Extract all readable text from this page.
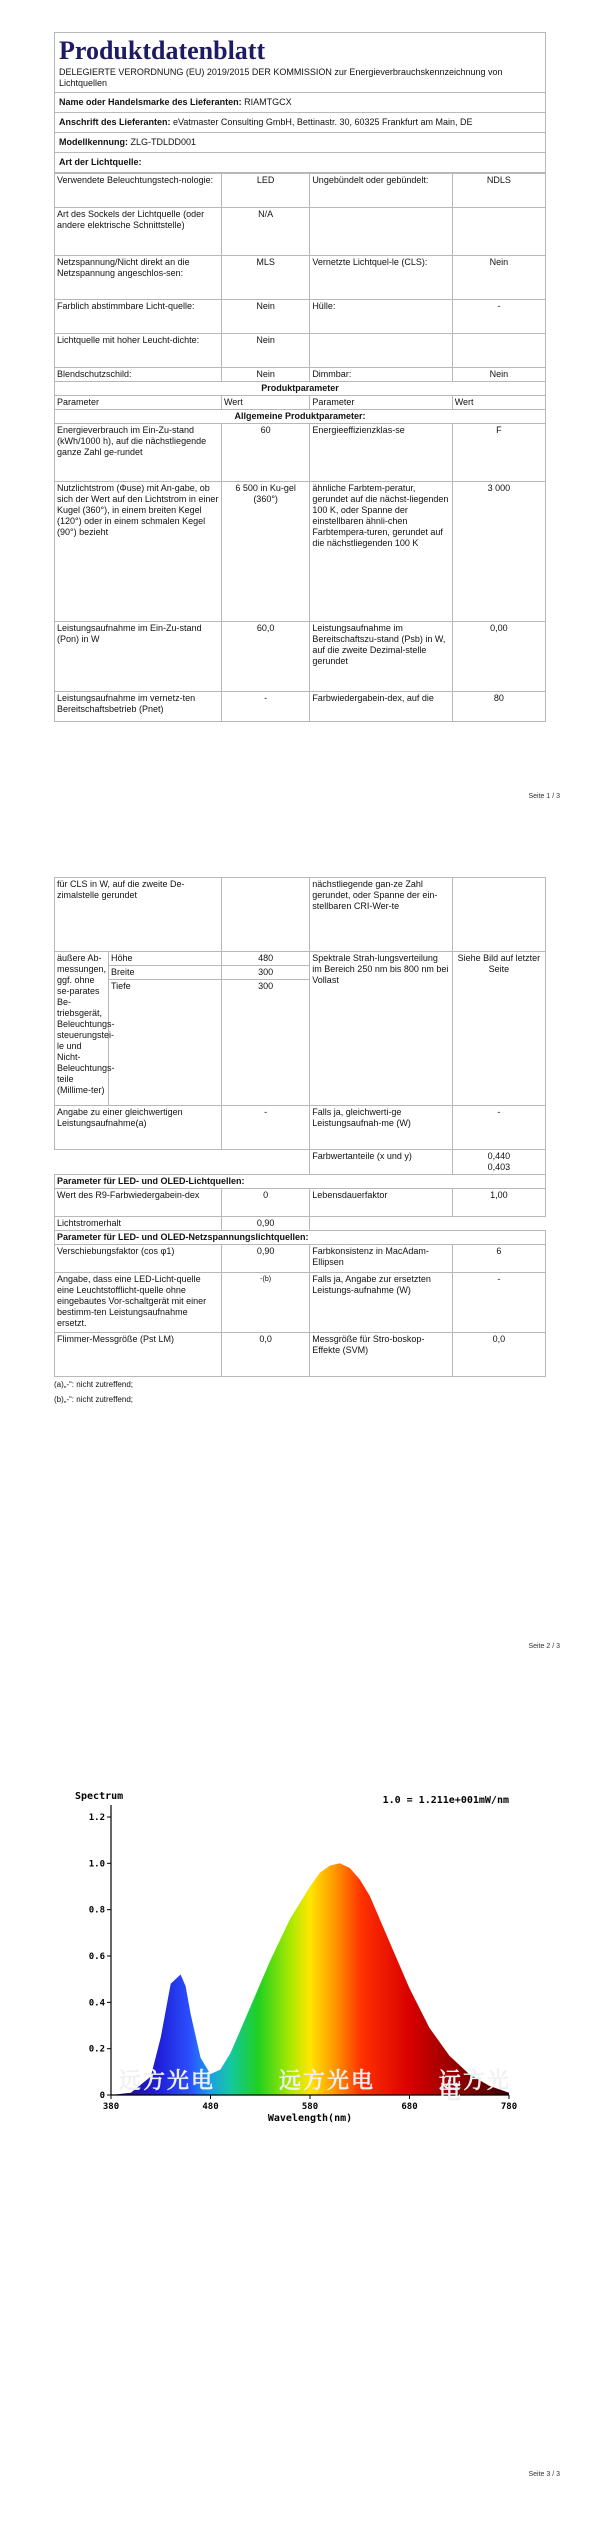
Produktdatenblatt
DELEGIERTE VERORDNUNG (EU) 2019/2015 DER KOMMISSION zur Energieverbrauchskennzeichnung von Lichtquellen

Name oder Handelsmarke des Lieferanten: RIAMTGCX
Anschrift des Lieferanten: eVatmaster Consulting GmbH, Bettinastr. 30, 60325 Frankfurt am Main, DE
Modellkennung: ZLG-TDLDD001
Art der Lichtquelle:
Verwendete Beleuchtungstech-nologie:	LED	Ungebündelt oder gebündelt:	NDLS
Art des Sockels der Lichtquelle (oder andere elektrische Schnittstelle)	N/A		
Netzspannung/Nicht direkt an die Netzspannung angeschlos-sen:	MLS	Vernetzte Lichtquel-le (CLS):	Nein
Farblich abstimmbare Licht-quelle:	Nein	Hülle:	-
Lichtquelle mit hoher Leucht-dichte:	Nein		
Blendschutzschild:	Nein	Dimmbar:	Nein
Produktparameter			
Parameter	Wert	Parameter	Wert
Allgemeine Produktparameter:			
Energieverbrauch im Ein-Zu-stand (kWh/1000 h), auf die nächstliegende ganze Zahl ge-rundet	60	Energieeffizienzklas-se	F
Nutzlichtstrom (Φuse) mit An-gabe, ob sich der Wert auf den Lichtstrom in einer Kugel (360°), in einem breiten Kegel (120°) oder in einem schmalen Kegel (90°) bezieht	6 500 in Ku-gel (360°)	ähnliche Farbtem-peratur, gerundet auf die nächst-liegenden 100 K, oder Spanne der einstellbaren ähnli-chen Farbtempera-turen, gerundet auf die nächstliegenden 100 K	3 000
Leistungsaufnahme im Ein-Zu-stand (Pon) in W	60,0	Leistungsaufnahme im Bereitschaftszu-stand (Psb) in W, auf die zweite Dezimal-stelle gerundet	0,00
Leistungsaufnahme im vernetz-ten Bereitschaftsbetrieb (Pnet)	-	Farbwiedergabein-dex, auf die	80
Seite 1 / 3
für CLS in W, auf die zweite De-zimalstelle gerundet			nächstliegende gan-ze Zahl gerundet, oder Spanne der ein-stellbaren CRI-Wer-te	
äußere Ab-messungen, ggf. ohne se-parates Be-triebsgerät, Beleuchtungs-steuerungstei-le und Nicht-Beleuchtungs-teile (Millime-ter)	Höhe	480	Spektrale Strah-lungsverteilung im Bereich 250 nm bis 800 nm bei Vollast	Siehe Bild auf letzter Seite
	Breite	300		
	Tiefe	300		
Angabe zu einer gleichwertigen Leistungsaufnahme(a)		-	Falls ja, gleichwerti-ge Leistungsaufnah-me (W)	-
			Farbwertanteile (x und y)	0,440
0,403

Parameter für LED- und OLED-Lichtquellen:				
Wert des R9-Farbwiedergabein-dex		0	Lebensdauerfaktor	1,00
Lichtstromerhalt		0,90		
Parameter für LED- und OLED-Netzspannungslichtquellen:				
Verschiebungsfaktor (cos φ1)		0,90	Farbkonsistenz in MacAdam-Ellipsen	6
Angabe, dass eine LED-Licht-quelle eine Leuchtstofflicht-quelle ohne eingebautes Vor-schaltgerät mit einer bestimm-ten Leistungsaufnahme ersetzt.		-(b)	Falls ja, Angabe zur ersetzten Leistungs-aufnahme (W)	-
Flimmer-Messgröße (Pst LM)		0,0	Messgröße für Stro-boskop-Effekte (SVM)	0,0
(a)„-“: nicht zutreffend;
(b)„-“: nicht zutreffend;
Seite 2 / 3
0
0.2
0.4
0.6
0.8
1.0
1.2
380	480	580	680	780
Spectrum	1.0 = 1.211e+001mW/nm
Wavelength(nm)
远方光电	远方光电	远方光电
Seite 3 / 3
